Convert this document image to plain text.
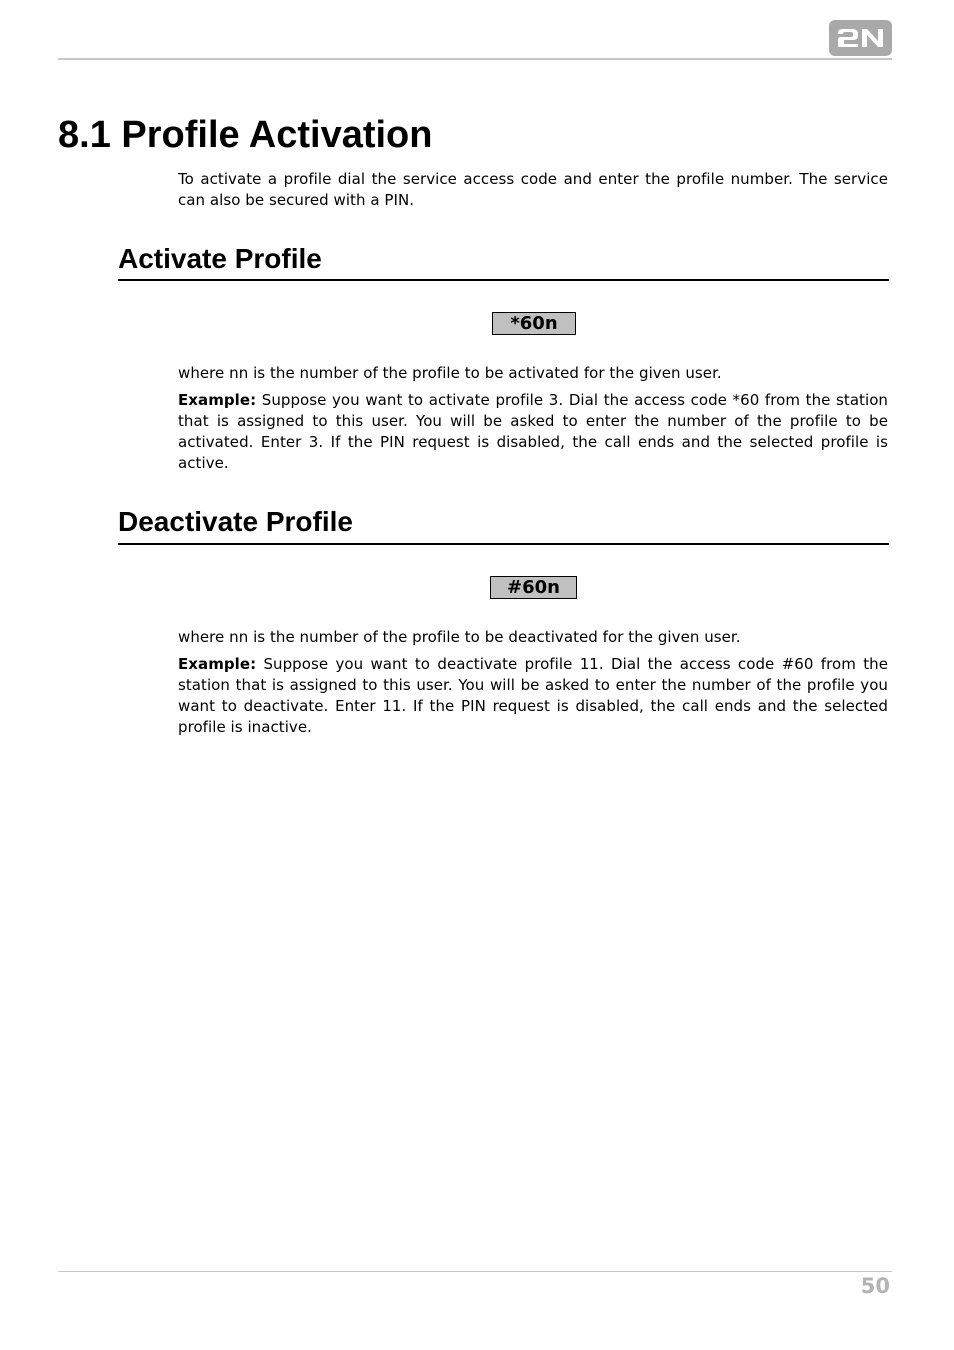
8.1 Profile Activation

To activate a profile dial the service access code and enter the profile number. The service can also be secured with a PIN.

Activate Profile
*60n

where nn is the number of the profile to be activated for the given user.

Example: Suppose you want to activate profile 3. Dial the access code *60 from the station that is assigned to this user. You will be asked to enter the number of the profile to be activated. Enter 3. If the PIN request is disabled, the call ends and the selected profile is active.

Deactivate Profile
#60n

where nn is the number of the profile to be deactivated for the given user.

Example: Suppose you want to deactivate profile 11. Dial the access code #60 from the station that is assigned to this user. You will be asked to enter the number of the profile you want to deactivate. Enter 11. If the PIN request is disabled, the call ends and the selected profile is inactive.

50
